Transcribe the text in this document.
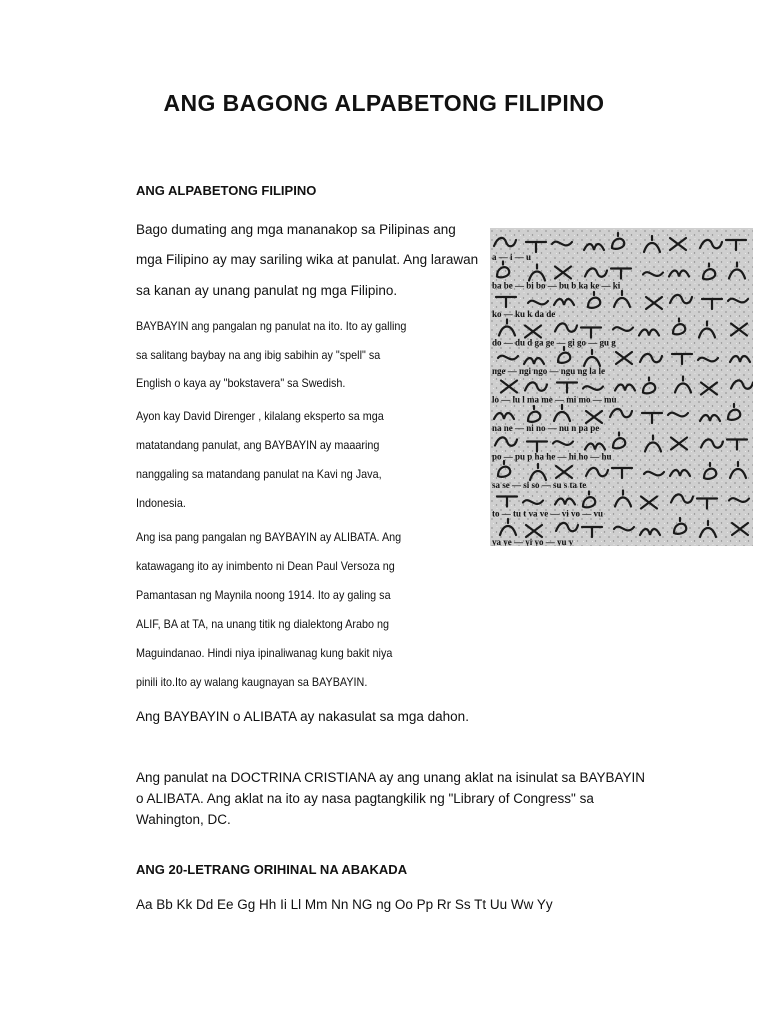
ANG BAGONG ALPABETONG FILIPINO
ANG ALPABETONG FILIPINO
Bago dumating ang mga mananakop sa Pilipinas ang
mga Filipino ay may sariling wika at panulat. Ang larawan
sa kanan ay unang panulat ng mga Filipino.
BAYBAYIN ang pangalan ng panulat na ito. Ito ay galling
sa salitang baybay na ang ibig sabihin ay "spell" sa
English o kaya ay "bokstavera" sa Swedish.
Ayon kay David Direnger , kilalang eksperto sa mga
matatandang panulat, ang BAYBAYIN ay maaaring
nanggaling sa matandang panulat na Kavi ng Java,
Indonesia.
Ang isa pang pangalan ng BAYBAYIN ay ALIBATA. Ang
katawagang ito ay inimbento ni Dean Paul Versoza ng
Pamantasan ng Maynila noong 1914. Ito ay galing sa
ALIF, BA at TA, na unang titik ng dialektong Arabo ng
Maguindanao. Hindi niya ipinaliwanag kung bakit niya
pinili ito.Ito ay walang kaugnayan sa BAYBAYIN.
Ang BAYBAYIN o ALIBATA ay nakasulat sa mga dahon.
Ang panulat na DOCTRINA CRISTIANA ay ang unang aklat na isinulat sa BAYBAYIN o ALIBATA. Ang aklat na ito ay nasa pagtangkilik ng "Library of Congress" sa Wahington, DC.
ANG 20-LETRANG ORIHINAL NA ABAKADA
Aa Bb Kk Dd Ee Gg Hh Ii Ll Mm Nn NG ng Oo Pp Rr Ss Tt Uu Ww Yy
a — i — u
ba be — bi bo — bu b ka ke — ki
ko — ku k da de
do — du d ga ge — gi go — gu g
nge — ngi ngo — ngu ng la le
lo — lu l ma me — mi mo — mu
na ne — ni no — nu n pa pe
po — pu p ha he — hi ho — hu
sa se — si so — su s ta te
to — tu t va ve — vi vo — vu
ya ye — yi yo — yu y
